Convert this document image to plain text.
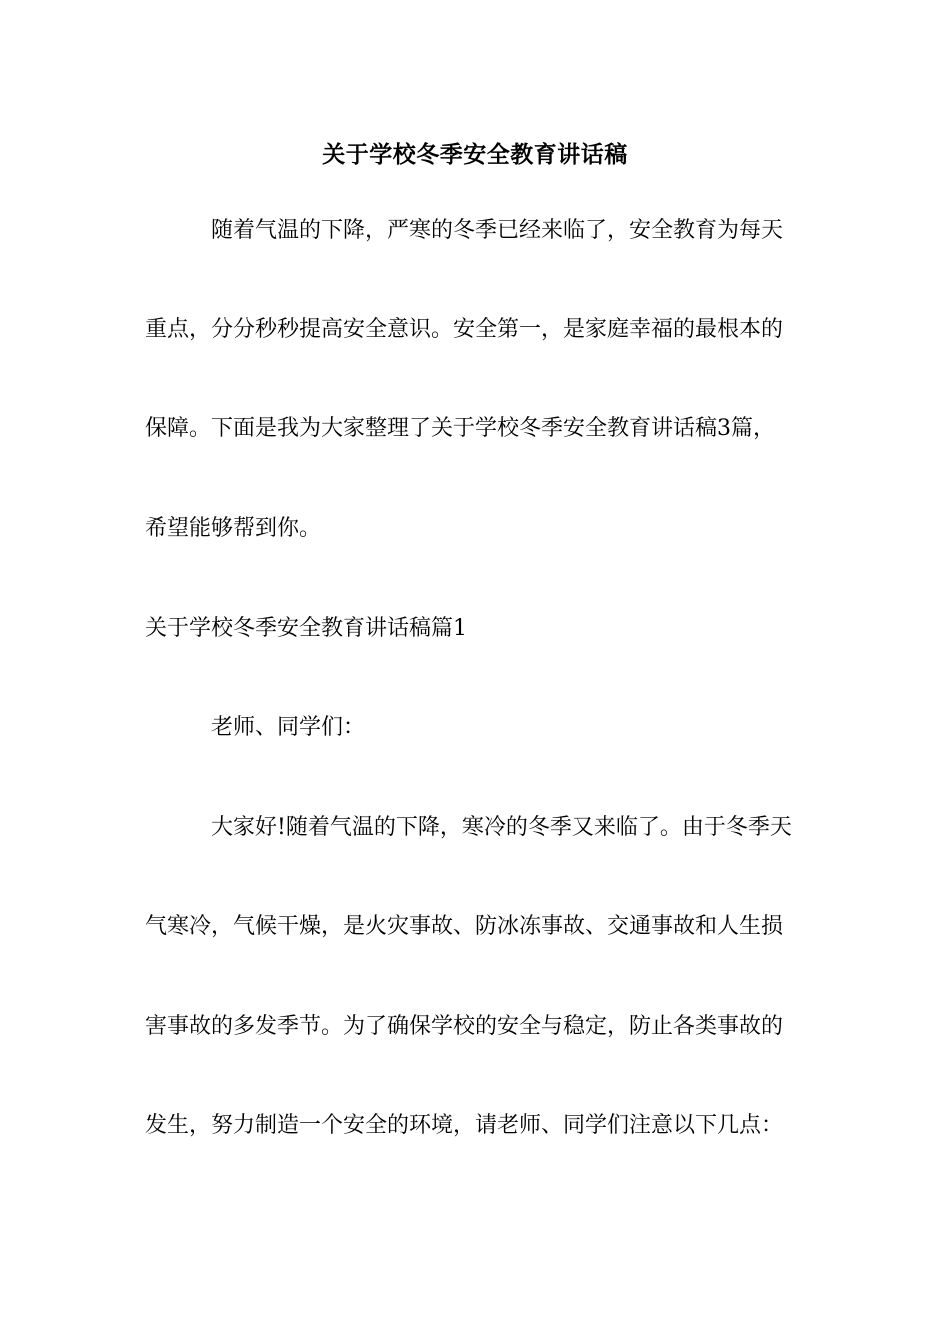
关于学校冬季安全教育讲话稿
随着气温的下降，严寒的冬季已经来临了，安全教育为每天
重点，分分秒秒提高安全意识。安全第一，是家庭幸福的最根本的
保障。下面是我为大家整理了关于学校冬季安全教育讲话稿3篇，
希望能够帮到你。
关于学校冬季安全教育讲话稿篇1
老师、同学们：
大家好!随着气温的下降，寒冷的冬季又来临了。由于冬季天
气寒冷，气候干燥，是火灾事故、防冰冻事故、交通事故和人生损
害事故的多发季节。为了确保学校的安全与稳定，防止各类事故的
发生，努力制造一个安全的环境，请老师、同学们注意以下几点：
